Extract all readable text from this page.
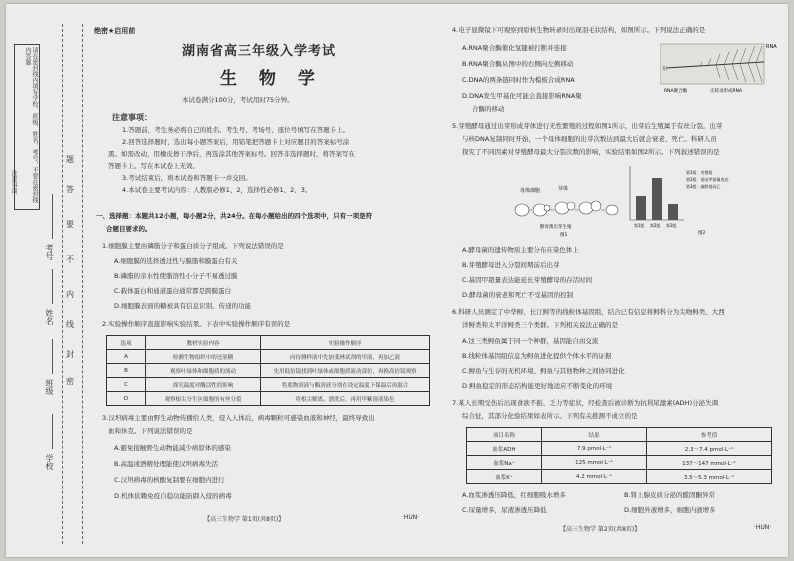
请在密封线内填写学校、班级、姓名、考号，不要在密封线内答题
注意事项
学校
班级
姓名
考号
密
封
线
内
不
要
答
题
绝密★启用前
湖南省高三年级入学考试
生 物 学
本试卷满分100分，考试用时75分钟。
注意事项：
1.答题前，考生务必将自己的姓名、考生号、考场号、座位号填写在答题卡上。
2.回答选择题时，选出每小题答案后，用铅笔把答题卡上对应题目的答案标号涂
黑。如需改动，用橡皮擦干净后，再选涂其他答案标号。回答非选择题时，将答案写在
答题卡上。写在本试卷上无效。
3.考试结束后，将本试卷和答题卡一并交回。
4.本试卷主要考试内容：人教版必修1、2，选择性必修1、2、3。
一、选择题：本题共12小题，每小题2分，共24分。在每小题给出的四个选项中，只有一项是符
合题目要求的。
1.细胞膜主要由磷脂分子和蛋白质分子组成。下列说法错误的是
A.细胞膜的选择透过性与膜脂和膜蛋白有关
B.磷脂的亲水性使脂溶性小分子不易透过膜
C.载体蛋白和通道蛋白通常都是跨膜蛋白
D.细胞膜表面的糖被具有信息识别、传递的功能
2.实验操作顺序直接影响实验结果。下表中实验操作顺序有误的是
选项	教材实验内容	实验操作顺序
A	检测生物组织中的还原糖	向待测样液中先加斐林试剂的甲液，再加乙液
B	观察叶绿体和细胞质的流动	先用低倍镜找到叶绿体或细胞质流动部位，再换高倍镜观察
C	探究温度对酶活性的影响	将底物溶液与酶溶液分别在设定温度下保温后再混合
D	观察根尖分生区细胞的有丝分裂	将根尖解离、漂洗后，再用甲紫溶液染色
3.汉坦病毒主要由野生动物传播给人类，侵入人体后，病毒颗粒可感染血液和神经，最终导致出
血和休克。下列说法错误的是
A.避免接触野生动物能减少病原体的感染
B.高温或酒精处理能使汉坦病毒失活
C.汉坦病毒的核酸复制要在细胞内进行
D.机体依赖免疫自稳功能防御入侵的病毒
【高三生物学 第1页(共8页)】	·HUN·
4.电子显微镜下可观察到原核生物转录时出现羽毛状结构，如图所示。下列说法正确的是
A.RNA聚合酶催化氢键被打断并连接
B.RNA聚合酶从图中的右侧向左侧移动
C.DNA的两条链同时作为模板合成RNA
D.DNA发生甲基化可能会直接影响RNA聚
合酶的移动
RNA
左
RNA聚合酶	正转录形成RNA
5.芽殖酵母通过出芽形成芽体进行无性繁殖的过程如图1所示，出芽后生殖属于有丝分裂。出芽
与核DNA复制同时开始，一个母体细胞的出芽次数达到最大后就会衰老、死亡。科研人员
探究了不同因素对芽殖酵母最大分裂次数的影响，实验结果如图2所示。下列叙述错误的是
母体细胞	芽体
酵母菌出芽生殖
图1
第1组 第2组 第3组
第1组：对照组
第2组：基因甲超量表达
第3组：敲除基因乙
图2
A.酵母菌的遗传物质主要分布在染色体上
B.芽殖酵母进入分裂间期前后出芽
C.基因甲超量表达能延长芽殖酵母的存活时间
D.酵母菌的衰老和死亡不受基因的控制
6.科研人员测定了中华鲟、长江鲟等的线粒体基因组，结合已有信息将鲟科分为尖吻鲟类、大西
洋鲟类和太平洋鲟类三个类群。下列相关说法正确的是
A.这三类鲟鱼属于同一个种群，基因能自由交流
B.线粒体基因组信息为鲟鱼进化提供个体水平的证据
C.鲟鱼与生存的无机环境、鲟鱼与其他物种之间协同进化
D.鲟鱼稳定的形态结构能更好地适应不断变化的环境
7.某人长期受伤后出现食欲不振、乏力等症状，经检查后被诊断为抗利尿激素(ADH)分泌失调
综合征，其部分化验结果如表所示。下列有关推测不成立的是
项目名称	结果	参考值
血浆ADH	7.9 pmol·L⁻¹	2.3～7.4 pmol·L⁻¹
血浆Na⁺	125 mmol·L⁻¹	137～147 mmol·L⁻¹
血浆K⁺	4.2 mmol·L⁻¹	3.5～5.3 mmol·L⁻¹
A.血浆渗透压降低，红细胞吸水增多	B.肾上腺皮质分泌的醛固酮异常
C.尿量增多，尿液渗透压降低	D.细胞外液增多，细胞内液增多
【高三生物学 第2页(共8页)】	·HUN·
